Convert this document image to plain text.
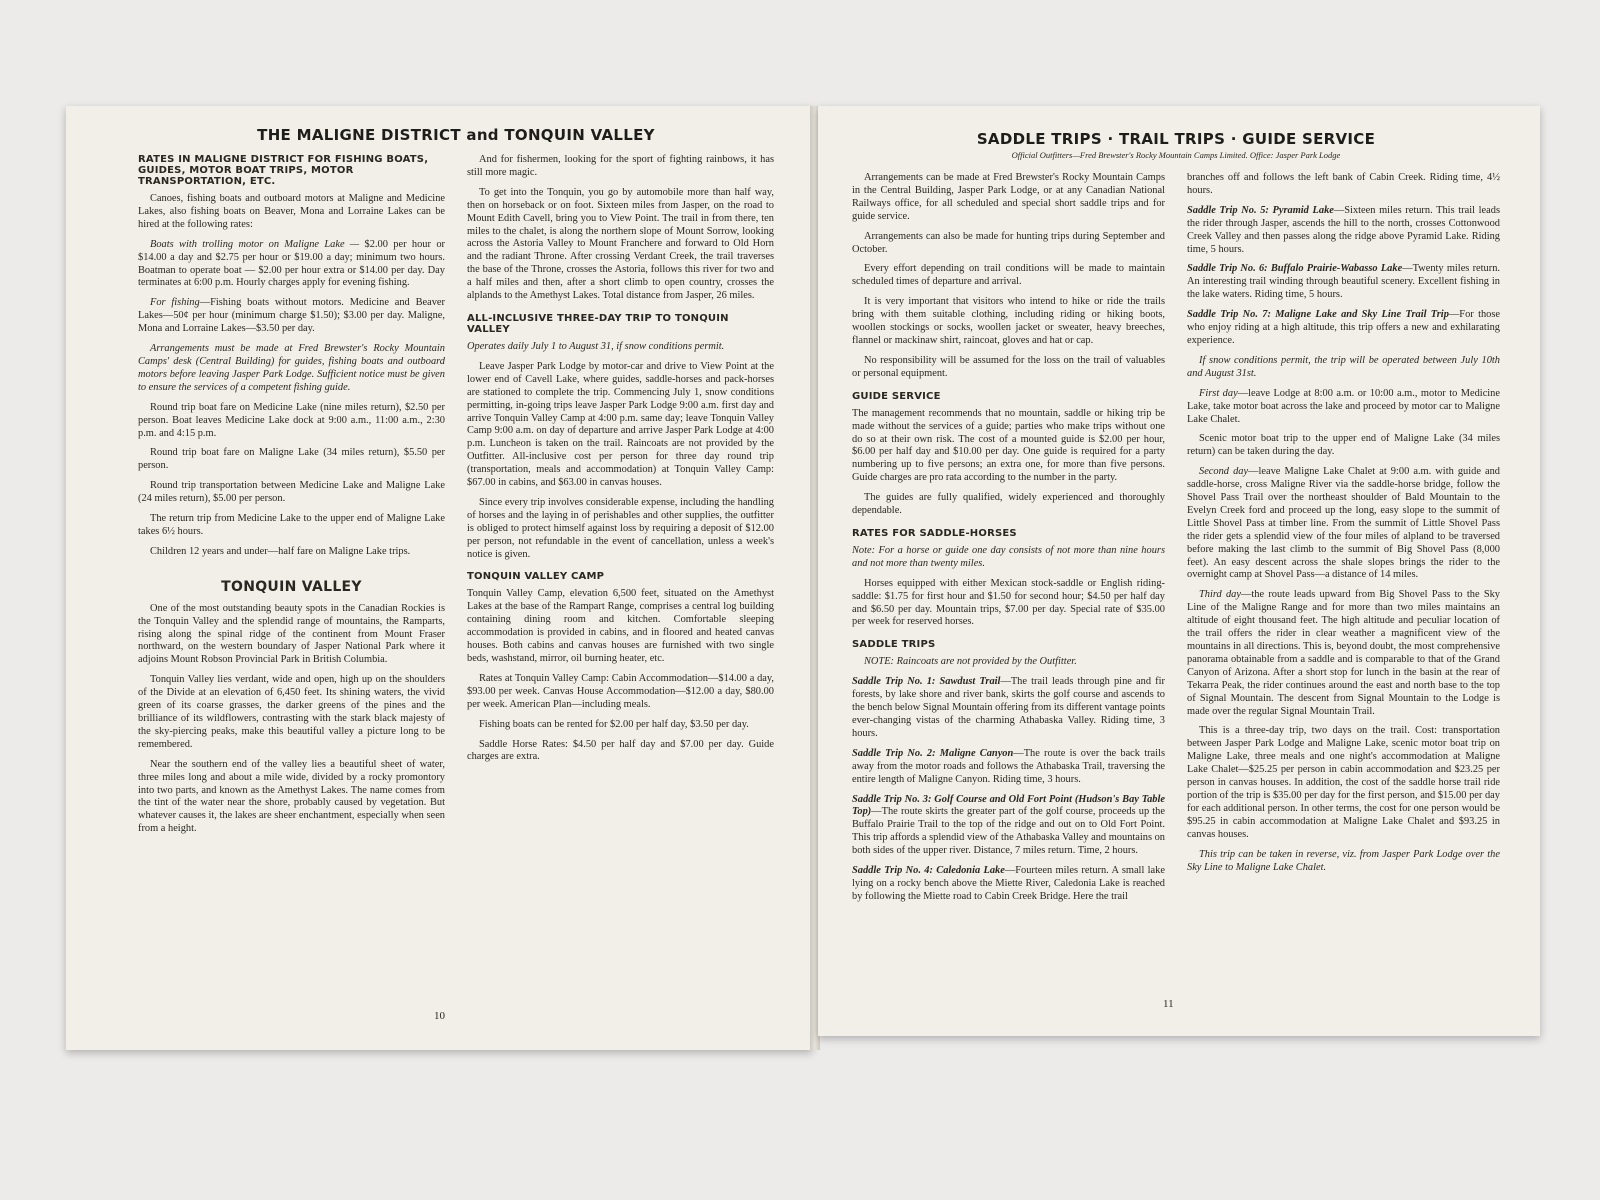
THE MALIGNE DISTRICT and TONQUIN VALLEY
RATES IN MALIGNE DISTRICT FOR FISHING BOATS, GUIDES, MOTOR BOAT TRIPS, MOTOR TRANSPORTATION, ETC.

Canoes, fishing boats and outboard motors at Maligne and Medicine Lakes, also fishing boats on Beaver, Mona and Lorraine Lakes can be hired at the following rates:

Boats with trolling motor on Maligne Lake — $2.00 per hour or $14.00 a day and $2.75 per hour or $19.00 a day; minimum two hours. Boatman to operate boat — $2.00 per hour extra or $14.00 per day. Day terminates at 6:00 p.m. Hourly charges apply for evening fishing.

For fishing—Fishing boats without motors. Medicine and Beaver Lakes—50¢ per hour (minimum charge $1.50); $3.00 per day. Maligne, Mona and Lorraine Lakes—$3.50 per day.

Arrangements must be made at Fred Brewster's Rocky Mountain Camps' desk (Central Building) for guides, fishing boats and outboard motors before leaving Jasper Park Lodge. Sufficient notice must be given to ensure the services of a competent fishing guide.

Round trip boat fare on Medicine Lake (nine miles return), $2.50 per person. Boat leaves Medicine Lake dock at 9:00 a.m., 11:00 a.m., 2:30 p.m. and 4:15 p.m.

Round trip boat fare on Maligne Lake (34 miles return), $5.50 per person.

Round trip transportation between Medicine Lake and Maligne Lake (24 miles return), $5.00 per person.

The return trip from Medicine Lake to the upper end of Maligne Lake takes 6½ hours.

Children 12 years and under—half fare on Maligne Lake trips.

TONQUIN VALLEY

One of the most outstanding beauty spots in the Canadian Rockies is the Tonquin Valley and the splendid range of mountains, the Ramparts, rising along the spinal ridge of the continent from Mount Fraser northward, on the western boundary of Jasper National Park where it adjoins Mount Robson Provincial Park in British Columbia.

Tonquin Valley lies verdant, wide and open, high up on the shoulders of the Divide at an elevation of 6,450 feet. Its shining waters, the vivid green of its coarse grasses, the darker greens of the pines and the brilliance of its wildflowers, contrasting with the stark black majesty of the sky-piercing peaks, make this beautiful valley a picture long to be remembered.

Near the southern end of the valley lies a beautiful sheet of water, three miles long and about a mile wide, divided by a rocky promontory into two parts, and known as the Amethyst Lakes. The name comes from the tint of the water near the shore, probably caused by vegetation. But whatever causes it, the lakes are sheer enchantment, especially when seen from a height.

And for fishermen, looking for the sport of fighting rainbows, it has still more magic.

To get into the Tonquin, you go by automobile more than half way, then on horseback or on foot. Sixteen miles from Jasper, on the road to Mount Edith Cavell, bring you to View Point. The trail in from there, ten miles to the chalet, is along the northern slope of Mount Sorrow, looking across the Astoria Valley to Mount Franchere and forward to Old Horn and the radiant Throne. After crossing Verdant Creek, the trail traverses the base of the Throne, crosses the Astoria, follows this river for two and a half miles and then, after a short climb to open country, crosses the alplands to the Amethyst Lakes. Total distance from Jasper, 26 miles.

ALL-INCLUSIVE THREE-DAY TRIP TO TONQUIN VALLEY

Operates daily July 1 to August 31, if snow conditions permit.

Leave Jasper Park Lodge by motor-car and drive to View Point at the lower end of Cavell Lake, where guides, saddle-horses and pack-horses are stationed to complete the trip. Commencing July 1, snow conditions permitting, in-going trips leave Jasper Park Lodge 9:00 a.m. first day and arrive Tonquin Valley Camp at 4:00 p.m. same day; leave Tonquin Valley Camp 9:00 a.m. on day of departure and arrive Jasper Park Lodge at 4:00 p.m. Luncheon is taken on the trail. Raincoats are not provided by the Outfitter. All-inclusive cost per person for three day round trip (transportation, meals and accommodation) at Tonquin Valley Camp: $67.00 in cabins, and $63.00 in canvas houses.

Since every trip involves considerable expense, including the handling of horses and the laying in of perishables and other supplies, the outfitter is obliged to protect himself against loss by requiring a deposit of $12.00 per person, not refundable in the event of cancellation, unless a week's notice is given.

TONQUIN VALLEY CAMP

Tonquin Valley Camp, elevation 6,500 feet, situated on the Amethyst Lakes at the base of the Rampart Range, comprises a central log building containing dining room and kitchen. Comfortable sleeping accommodation is provided in cabins, and in floored and heated canvas houses. Both cabins and canvas houses are furnished with two single beds, washstand, mirror, oil burning heater, etc.

Rates at Tonquin Valley Camp: Cabin Accommodation—$14.00 a day, $93.00 per week. Canvas House Accommodation—$12.00 a day, $80.00 per week. American Plan—including meals.

Fishing boats can be rented for $2.00 per half day, $3.50 per day.

Saddle Horse Rates: $4.50 per half day and $7.00 per day. Guide charges are extra.

10
SADDLE TRIPS · TRAIL TRIPS · GUIDE SERVICE
Official Outfitters—Fred Brewster's Rocky Mountain Camps Limited. Office: Jasper Park Lodge

Arrangements can be made at Fred Brewster's Rocky Mountain Camps in the Central Building, Jasper Park Lodge, or at any Canadian National Railways office, for all scheduled and special short saddle trips and for guide service.

Arrangements can also be made for hunting trips during September and October.

Every effort depending on trail conditions will be made to maintain scheduled times of departure and arrival.

It is very important that visitors who intend to hike or ride the trails bring with them suitable clothing, including riding or hiking boots, woollen stockings or socks, woollen jacket or sweater, heavy breeches, flannel or mackinaw shirt, raincoat, gloves and hat or cap.

No responsibility will be assumed for the loss on the trail of valuables or personal equipment.

GUIDE SERVICE

The management recommends that no mountain, saddle or hiking trip be made without the services of a guide; parties who make trips without one do so at their own risk. The cost of a mounted guide is $2.00 per hour, $6.00 per half day and $10.00 per day. One guide is required for a party numbering up to five persons; an extra one, for more than five persons. Guide charges are pro rata according to the number in the party.

The guides are fully qualified, widely experienced and thoroughly dependable.

RATES FOR SADDLE-HORSES

Note: For a horse or guide one day consists of not more than nine hours and not more than twenty miles.

Horses equipped with either Mexican stock-saddle or English riding-saddle: $1.75 for first hour and $1.50 for second hour; $4.50 per half day and $6.50 per day. Mountain trips, $7.00 per day. Special rate of $35.00 per week for reserved horses.

SADDLE TRIPS

NOTE: Raincoats are not provided by the Outfitter.

Saddle Trip No. 1: Sawdust Trail—The trail leads through pine and fir forests, by lake shore and river bank, skirts the golf course and ascends to the bench below Signal Mountain offering from its different vantage points ever-changing vistas of the charming Athabaska Valley. Riding time, 3 hours.

Saddle Trip No. 2: Maligne Canyon—The route is over the back trails away from the motor roads and follows the Athabaska Trail, traversing the entire length of Maligne Canyon. Riding time, 3 hours.

Saddle Trip No. 3: Golf Course and Old Fort Point (Hudson's Bay Table Top)—The route skirts the greater part of the golf course, proceeds up the Buffalo Prairie Trail to the top of the ridge and out on to Old Fort Point. This trip affords a splendid view of the Athabaska Valley and mountains on both sides of the upper river. Distance, 7 miles return. Time, 2 hours.

Saddle Trip No. 4: Caledonia Lake—Fourteen miles return. A small lake lying on a rocky bench above the Miette River, Caledonia Lake is reached by following the Miette road to Cabin Creek Bridge. Here the trail

branches off and follows the left bank of Cabin Creek. Riding time, 4½ hours.

Saddle Trip No. 5: Pyramid Lake—Sixteen miles return. This trail leads the rider through Jasper, ascends the hill to the north, crosses Cottonwood Creek Valley and then passes along the ridge above Pyramid Lake. Riding time, 5 hours.

Saddle Trip No. 6: Buffalo Prairie-Wabasso Lake—Twenty miles return. An interesting trail winding through beautiful scenery. Excellent fishing in the lake waters. Riding time, 5 hours.

Saddle Trip No. 7: Maligne Lake and Sky Line Trail Trip—For those who enjoy riding at a high altitude, this trip offers a new and exhilarating experience.

If snow conditions permit, the trip will be operated between July 10th and August 31st.

First day—leave Lodge at 8:00 a.m. or 10:00 a.m., motor to Medicine Lake, take motor boat across the lake and proceed by motor car to Maligne Lake Chalet.

Scenic motor boat trip to the upper end of Maligne Lake (34 miles return) can be taken during the day.

Second day—leave Maligne Lake Chalet at 9:00 a.m. with guide and saddle-horse, cross Maligne River via the saddle-horse bridge, follow the Shovel Pass Trail over the northeast shoulder of Bald Mountain to the Evelyn Creek ford and proceed up the long, easy slope to the summit of Little Shovel Pass at timber line. From the summit of Little Shovel Pass the rider gets a splendid view of the four miles of alpland to be traversed before making the last climb to the summit of Big Shovel Pass (8,000 feet). An easy descent across the shale slopes brings the rider to the overnight camp at Shovel Pass—a distance of 14 miles.

Third day—the route leads upward from Big Shovel Pass to the Sky Line of the Maligne Range and for more than two miles maintains an altitude of eight thousand feet. The high altitude and peculiar location of the trail offers the rider in clear weather a magnificent view of the mountains in all directions. This is, beyond doubt, the most comprehensive panorama obtainable from a saddle and is comparable to that of the Grand Canyon of Arizona. After a short stop for lunch in the basin at the rear of Tekarra Peak, the rider continues around the east and north base to the top of Signal Mountain. The descent from Signal Mountain to the Lodge is made over the regular Signal Mountain Trail.

This is a three-day trip, two days on the trail. Cost: transportation between Jasper Park Lodge and Maligne Lake, scenic motor boat trip on Maligne Lake, three meals and one night's accommodation at Maligne Lake Chalet—$25.25 per person in cabin accommodation and $23.25 per person in canvas houses. In addition, the cost of the saddle horse trail ride portion of the trip is $35.00 per day for the first person, and $15.00 per day for each additional person. In other terms, the cost for one person would be $95.25 in cabin accommodation at Maligne Lake Chalet and $93.25 in canvas houses.

This trip can be taken in reverse, viz. from Jasper Park Lodge over the Sky Line to Maligne Lake Chalet.

11
